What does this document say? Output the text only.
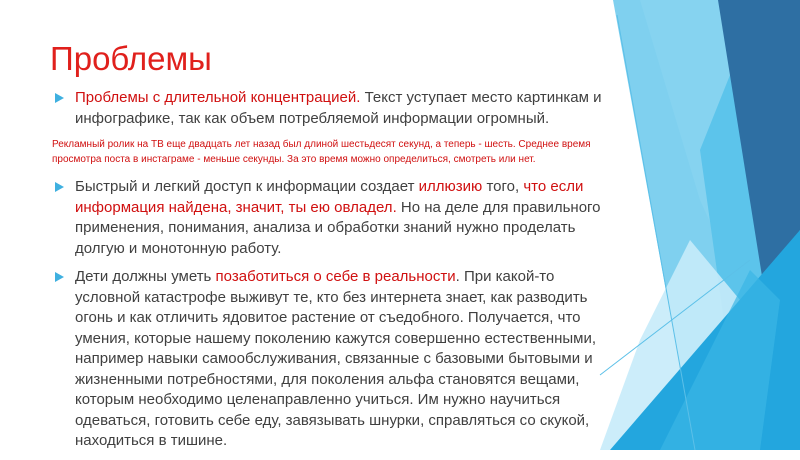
Проблемы
Проблемы с длительной концентрацией. Текст уступает место картинкам и инфографике, так как объем потребляемой информации огромный.
Рекламный ролик на ТВ еще двадцать лет назад был длиной шестьдесят секунд, а теперь - шесть. Среднее время просмотра поста в инстаграме - меньше секунды. За это время можно определиться, смотреть или нет.
Быстрый и легкий доступ к информации создает иллюзию того, что если информация найдена, значит, ты ею овладел. Но на деле для правильного применения, понимания, анализа и обработки знаний нужно проделать долгую и монотонную работу.
Дети должны уметь позаботиться о себе в реальности. При какой-то условной катастрофе выживут те, кто без интернета знает, как разводить огонь и как отличить ядовитое растение от съедобного. Получается, что умения, которые нашему поколению кажутся совершенно естественными, например навыки самообслуживания, связанные с базовыми бытовыми и жизненными потребностями, для поколения альфа становятся вещами, которым необходимо целенаправленно учиться. Им нужно научиться одеваться, готовить себе еду, завязывать шнурки, справляться со скукой, находиться в тишине.
